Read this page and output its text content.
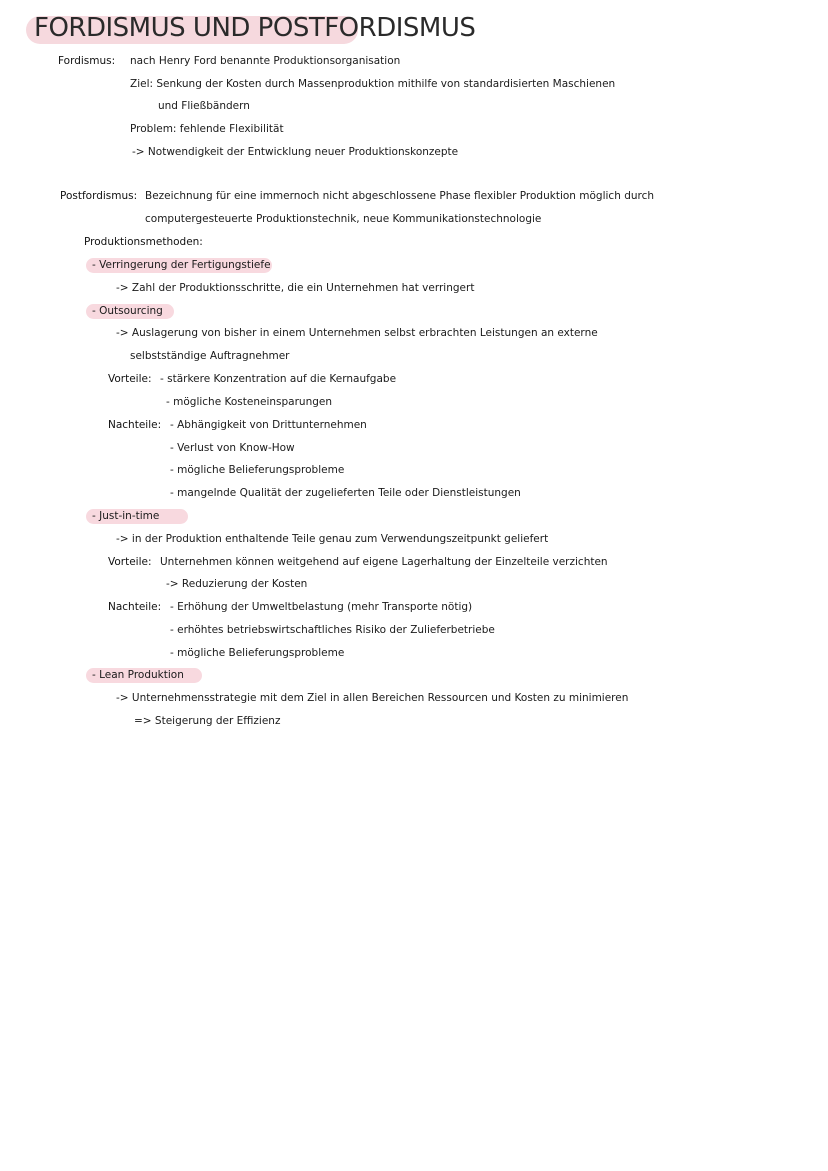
FORDISMUS UND POSTFORDISMUS
Fordismus: nach Henry Ford benannte Produktionsorganisation
Ziel: Senkung der Kosten durch Massenproduktion mithilfe von standardisierten Maschienen
und Fließbändern
Problem: fehlende Flexibilität
-> Notwendigkeit der Entwicklung neuer Produktionskonzepte
Postfordismus: Bezeichnung für eine immernoch nicht abgeschlossene Phase flexibler Produktion möglich durch
computergesteuerte Produktionstechnik, neue Kommunikationstechnologie
Produktionsmethoden:
- Verringerung der Fertigungstiefe
-> Zahl der Produktionsschritte, die ein Unternehmen hat verringert
- Outsourcing
-> Auslagerung von bisher in einem Unternehmen selbst erbrachten Leistungen an externe
selbstständige Auftragnehmer
Vorteile: - stärkere Konzentration auf die Kernaufgabe
- mögliche Kosteneinsparungen
Nachteile: - Abhängigkeit von Drittunternehmen
- Verlust von Know-How
- mögliche Belieferungsprobleme
- mangelnde Qualität der zugelieferten Teile oder Dienstleistungen
- Just-in-time
-> in der Produktion enthaltende Teile genau zum Verwendungszeitpunkt geliefert
Vorteile: Unternehmen können weitgehend auf eigene Lagerhaltung der Einzelteile verzichten
-> Reduzierung der Kosten
Nachteile: - Erhöhung der Umweltbelastung (mehr Transporte nötig)
- erhöhtes betriebswirtschaftliches Risiko der Zulieferbetriebe
- mögliche Belieferungsprobleme
- Lean Produktion
-> Unternehmensstrategie mit dem Ziel in allen Bereichen Ressourcen und Kosten zu minimieren
=> Steigerung der Effizienz
